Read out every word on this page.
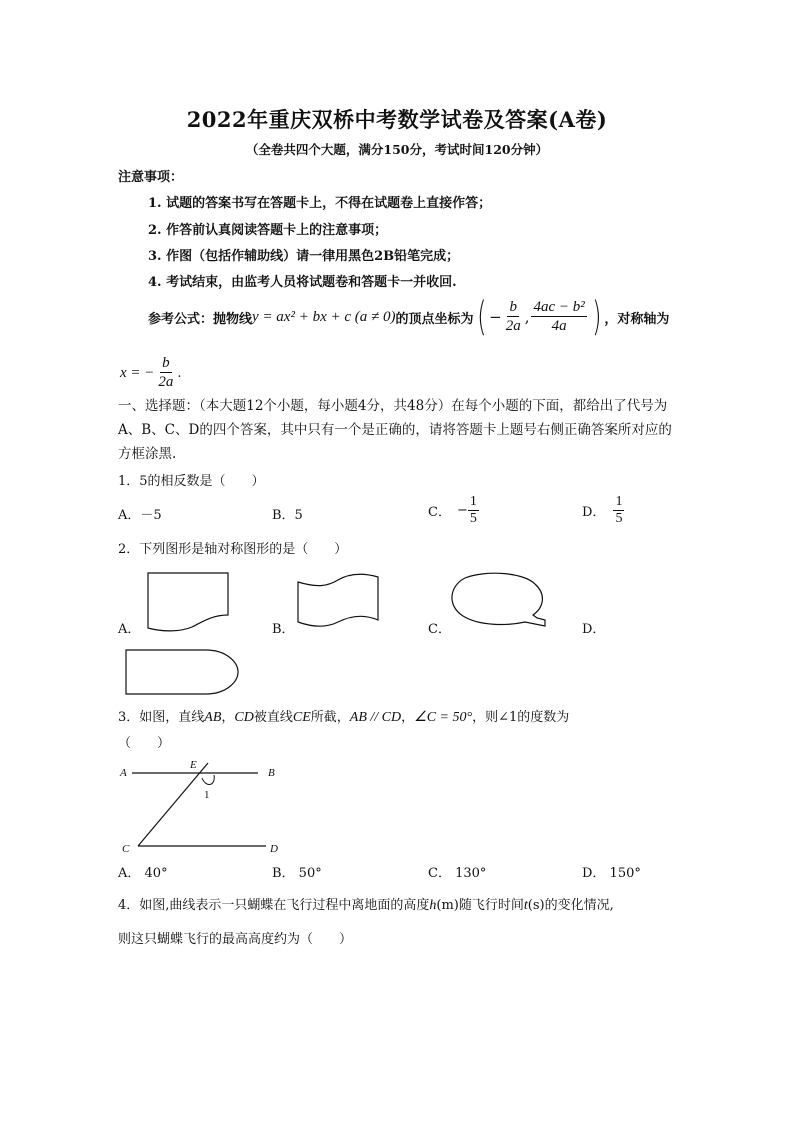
2022年重庆双桥中考数学试卷及答案(A卷)
（全卷共四个大题，满分150分，考试时间120分钟）
注意事项：
1. 试题的答案书写在答题卡上，不得在试题卷上直接作答；
2. 作答前认真阅读答题卡上的注意事项；
3. 作图（包括作辅助线）请一律用黑色2B铅笔完成；
4. 考试结束，由监考人员将试题卷和答题卡一并收回.
参考公式：抛物线 y = ax² + bx + c (a ≠ 0) 的顶点坐标为 ( − $\frac{b}{2a}$ , $\frac{\text{4ac − b²}}{4a}$ ) ，对称轴为
x = − $\frac{b}{2a}$ .
一、选择题：（本大题12个小题，每小题4分，共48分）在每个小题的下面，都给出了代号为A、B、C、D的四个答案，其中只有一个是正确的，请将答题卡上题号右侧正确答案所对应的方框涂黑.
1．5的相反数是（　　）
A．－5	B．5	C． − $\frac{1}{5}$	D． $\frac{1}{5}$
2．下列图形是轴对称图形的是（　　）
A．	B．	C．	D．
3．如图，直线 AB ， CD 被直线 CE 所截， AB // CD ， ∠C = 50° ，则∠1的度数为
（　　）
A	B
C	D
E
1
A． 40°	B． 50°	C． 130°	D． 150°
4．如图,曲线表示一只蝴蝶在飞行过程中离地面的高度 h (m) 随飞行时间 t (s) 的变化情况,
则这只蝴蝶飞行的最高高度约为（　　）
